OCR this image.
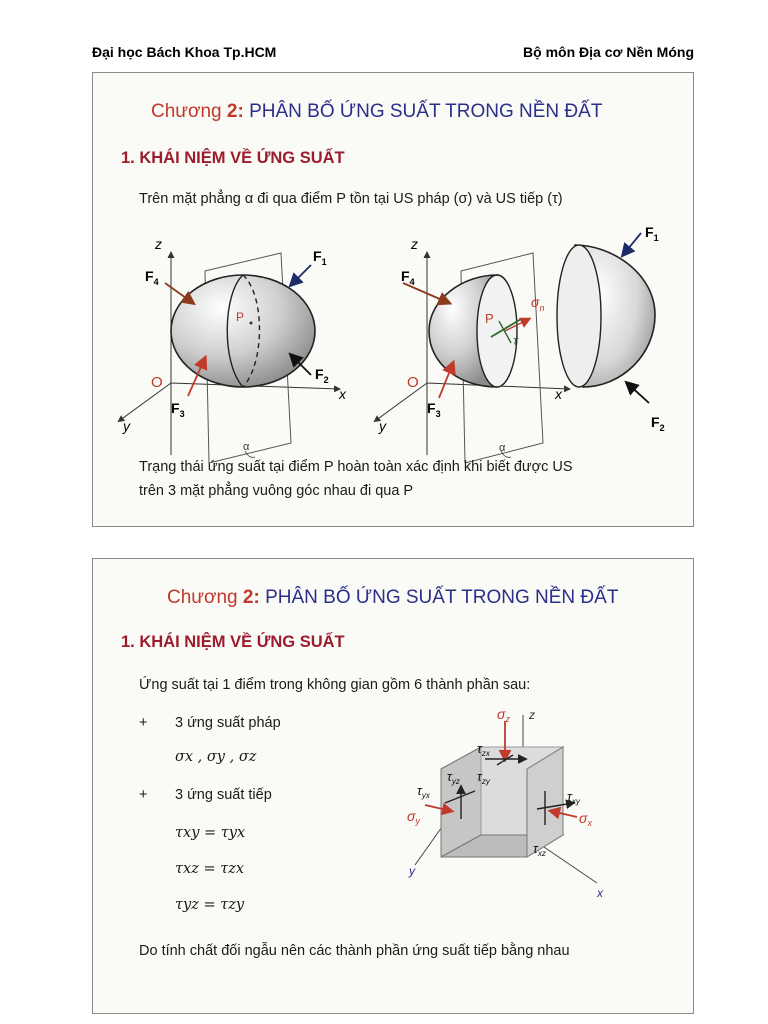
Đại học Bách Khoa Tp.HCM	Bộ môn Địa cơ Nền Móng
Chương 2: PHÂN BỐ ỨNG SUẤT TRONG NỀN ĐẤT
1. KHÁI NIỆM VỀ ỨNG SUẤT
Trên mặt phẳng α đi qua điểm P tồn tại US pháp (σ) và US tiếp (τ)
z
x
y
O
P
α
$F_1$
$F_2$
$F_3$
$F_4$
z
x
y
O
P
α
$\sigma_n$
τ
$F_4$
$F_3$
$F_1$
$F_2$
Trạng thái ứng suất tại điểm P hoàn toàn xác định khi biết được US
trên 3 mặt phẳng vuông góc nhau đi qua P
Chương 2: PHÂN BỐ ỨNG SUẤT TRONG NỀN ĐẤT
1. KHÁI NIỆM VỀ ỨNG SUẤT
Ứng suất tại 1 điểm trong không gian gồm 6 thành phần sau:
+ 3 ứng suất pháp
σx , σy , σz
+ 3 ứng suất tiếp
τxy = τyx
τxz = τzx
τyz = τzy
z
x
y
$\sigma_z$
$\tau_{zx}$
$\tau_{yz}$ $\tau_{zy}$
$\tau_{yx}$
$\sigma_y$
$\tau_{xy}$
$\sigma_x$
$\tau_{xz}$
Do tính chất đối ngẫu nên các thành phần ứng suất tiếp bằng nhau
